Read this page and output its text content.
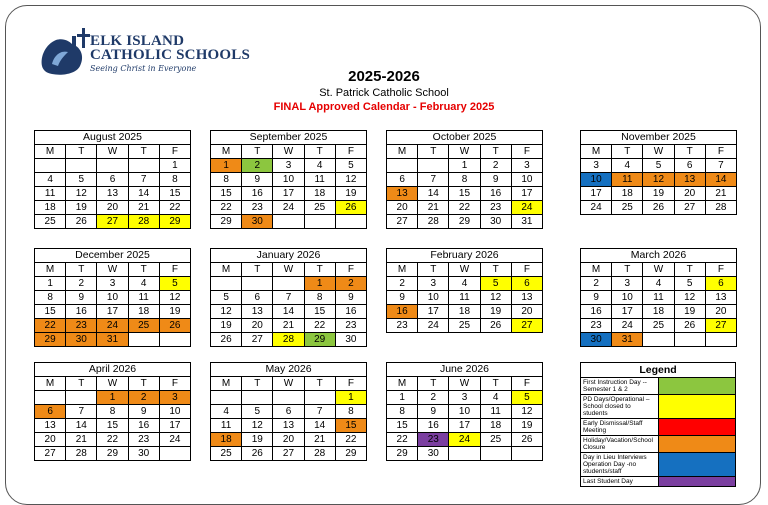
ELK ISLAND
CATHOLIC SCHOOLS
Seeing Christ in Everyone	2025-2026
St. Patrick Catholic School
FINAL Approved Calendar - February 2025
August 2025				
M	T	W	T	F
				1
4	5	6	7	8
11	12	13	14	15
18	19	20	21	22
25	26	27	28	29
September 2025				
M	T	W	T	F
1	2	3	4	5
8	9	10	11	12
15	16	17	18	19
22	23	24	25	26
29	30			
October 2025				
M	T	W	T	F
		1	2	3
6	7	8	9	10
13	14	15	16	17
20	21	22	23	24
27	28	29	30	31
November 2025				
M	T	W	T	F
3	4	5	6	7
10	11	12	13	14
17	18	19	20	21
24	25	26	27	28
December 2025				
M	T	W	T	F
1	2	3	4	5
8	9	10	11	12
15	16	17	18	19
22	23	24	25	26
29	30	31		
January 2026				
M	T	W	T	F
			1	2
5	6	7	8	9
12	13	14	15	16
19	20	21	22	23
26	27	28	29	30
February 2026				
M	T	W	T	F
2	3	4	5	6
9	10	11	12	13
16	17	18	19	20
23	24	25	26	27
March 2026				
M	T	W	T	F
2	3	4	5	6
9	10	11	12	13
16	17	18	19	20
23	24	25	26	27
30	31			
April 2026				
M	T	W	T	F
		1	2	3
6	7	8	9	10
13	14	15	16	17
20	21	22	23	24
27	28	29	30	
May 2026				
M	T	W	T	F
				1
4	5	6	7	8
11	12	13	14	15
18	19	20	21	22
25	26	27	28	29
June 2026				
M	T	W	T	F
1	2	3	4	5
8	9	10	11	12
15	16	17	18	19
22	23	24	25	26
29	30			
Legend	
First Instruction Day --Semester 1 & 2	
PD Days/Operational – School closed to students	
Early Dismissal/Staff Meeting	
Holiday/Vacation/School Closure	
Day in Lieu Interviews Operation Day -no students/staff	
Last Student Day	
